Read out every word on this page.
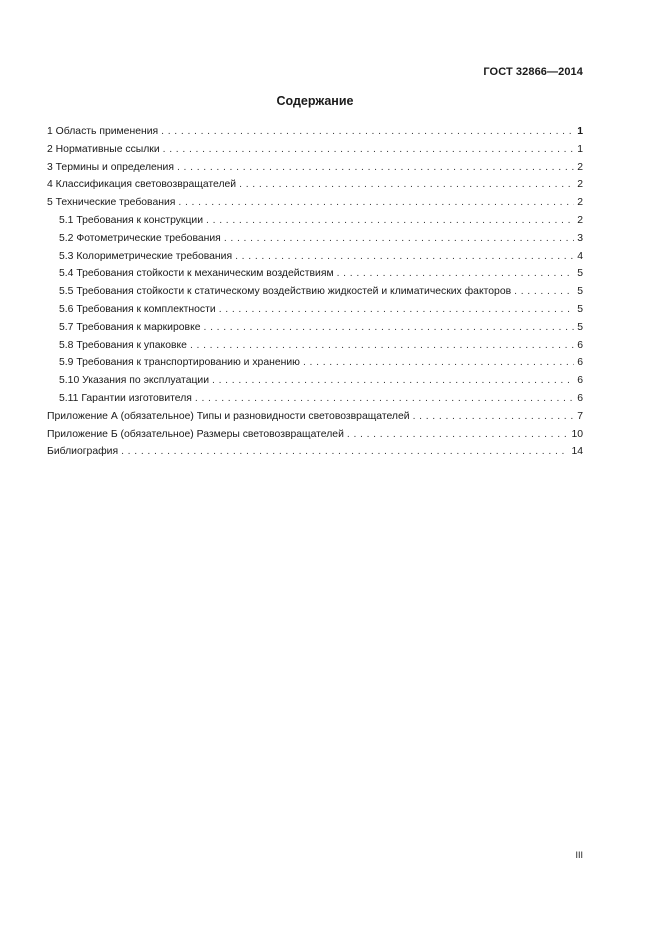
ГОСТ 32866—2014
Содержание
1 Область применения . . .	1
2 Нормативные ссылки . . .	1
3 Термины и определения . . .	2
4 Классификация световозвращателей . . .	2
5 Технические требования . . .	2
5.1 Требования к конструкции . . .	2
5.2 Фотометрические требования . . .	3
5.3 Колориметрические требования . . .	4
5.4 Требования стойкости к механическим воздействиям . . .	5
5.5 Требования стойкости к статическому воздействию жидкостей и климатических факторов . . .	5
5.6 Требования к комплектности . . .	5
5.7 Требования к маркировке . . .	5
5.8 Требования к упаковке . . .	6
5.9 Требования к транспортированию и хранению . . .	6
5.10 Указания по эксплуатации . . .	6
5.11 Гарантии изготовителя . . .	6
Приложение А (обязательное) Типы и разновидности световозвращателей . . .	7
Приложение Б (обязательное) Размеры световозвращателей . . .	10
Библиография . . .	14
III
